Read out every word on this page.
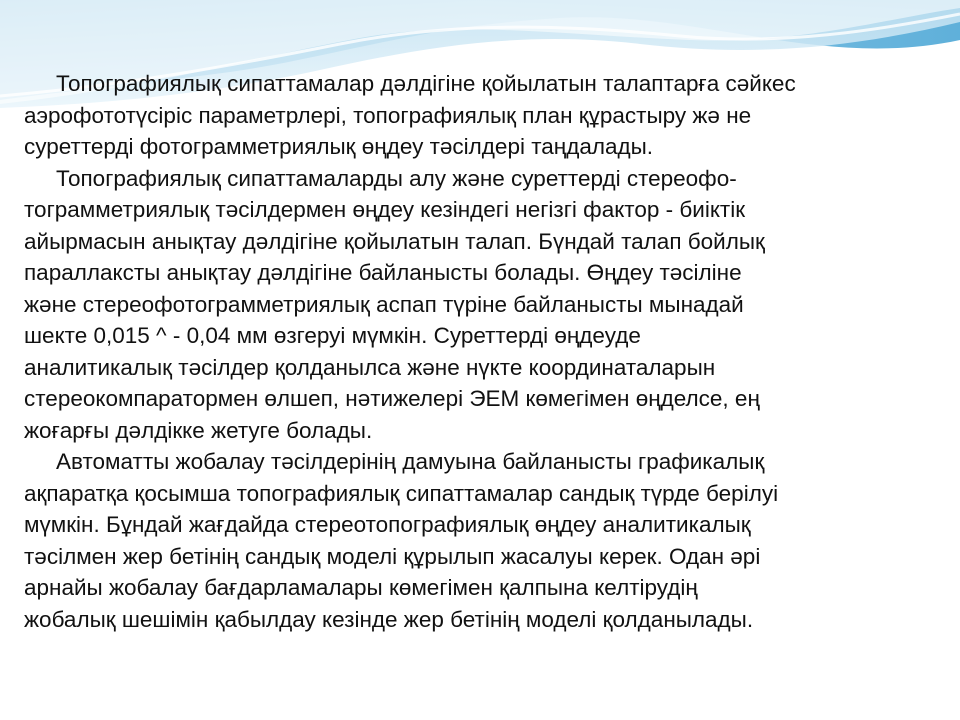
Топографиялық сипаттамалар дәлдігіне қойылатын талаптарға сәйкес
аэрофототүсіріс параметрлері, топографиялық план құрастыру жә не
суреттерді фотограмметриялық өңдеу тәсілдері таңдалады.

Топографиялық сипаттамаларды алу және суреттерді стереофо-
тограмметриялық тәсілдермен өңдеу кезіндегі негізгі фактор - биіктік
айырмасын анықтау дәлдігіне қойылатын талап. Бүндай талап бойлық
параллаксты анықтау дәлдігіне байланысты болады. Өңдеу тәсіліне
және стереофотограмметриялық аспап түріне байланысты мынадай
шекте 0,015 ^ - 0,04 мм өзгеруі мүмкін. Суреттерді өңдеуде
аналитикалық тәсілдер қолданылса және нүкте координаталарын
стереокомпаратормен өлшеп, нәтижелері ЭЕМ көмегімен өңделсе, ең
жоғарғы дәлдікке жетуге болады.

Автоматты жобалау тәсілдерінің дамуына байланысты графикалық
ақпаратқа қосымша топографиялық сипаттамалар сандық түрде берілуі
мүмкін. Бұндай жағдайда стереотопографиялық өңдеу аналитикалық
тәсілмен жер бетінің сандық моделі құрылып жасалуы керек. Одан әрі
арнайы жобалау бағдарламалары көмегімен қалпына келтірудің
жобалық шешімін қабылдау кезінде жер бетінің моделі қолданылады.
